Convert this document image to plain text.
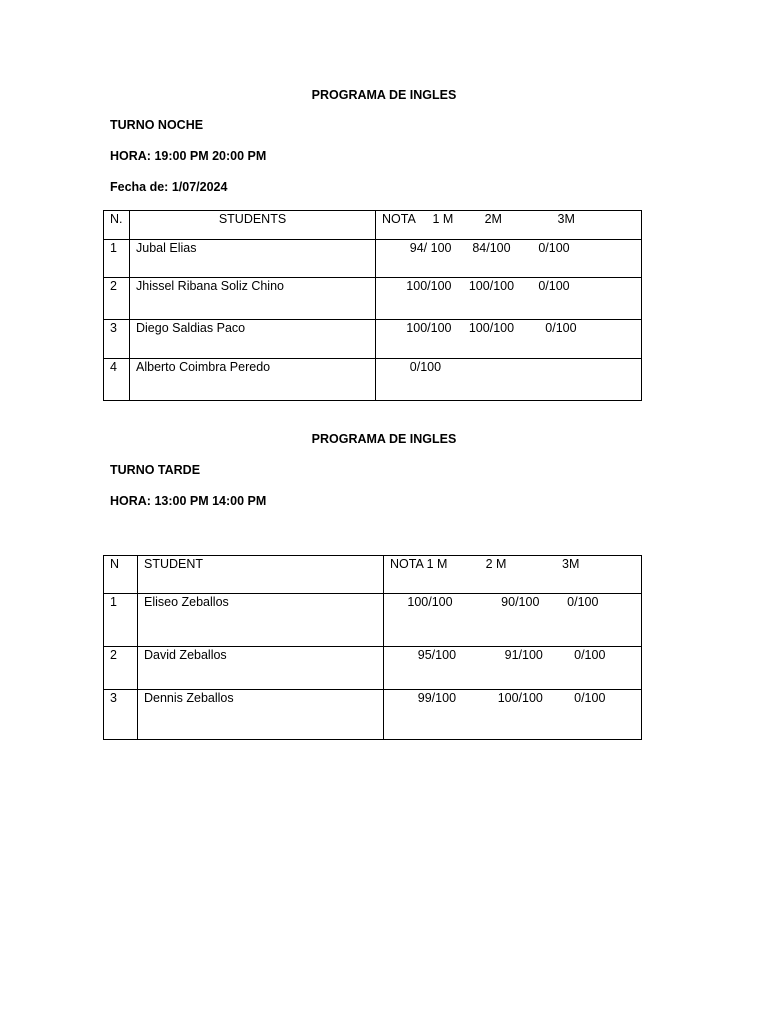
PROGRAMA DE INGLES
TURNO NOCHE
HORA: 19:00 PM 20:00 PM
Fecha de: 1/07/2024
N.	STUDENTS	NOTA     1 M         2M                3M
1	Jubal Elias	94/ 100      84/100        0/100
2	Jhissel Ribana Soliz Chino	100/100     100/100       0/100
3	Diego Saldias Paco	100/100     100/100         0/100
4	Alberto Coimbra Peredo	0/100
PROGRAMA DE INGLES
TURNO TARDE
HORA: 13:00 PM 14:00 PM
N	STUDENT	NOTA 1 M           2 M                3M
1	Eliseo Zeballos	100/100              90/100        0/100
2	David Zeballos	95/100              91/100         0/100
3	Dennis Zeballos	99/100            100/100         0/100
